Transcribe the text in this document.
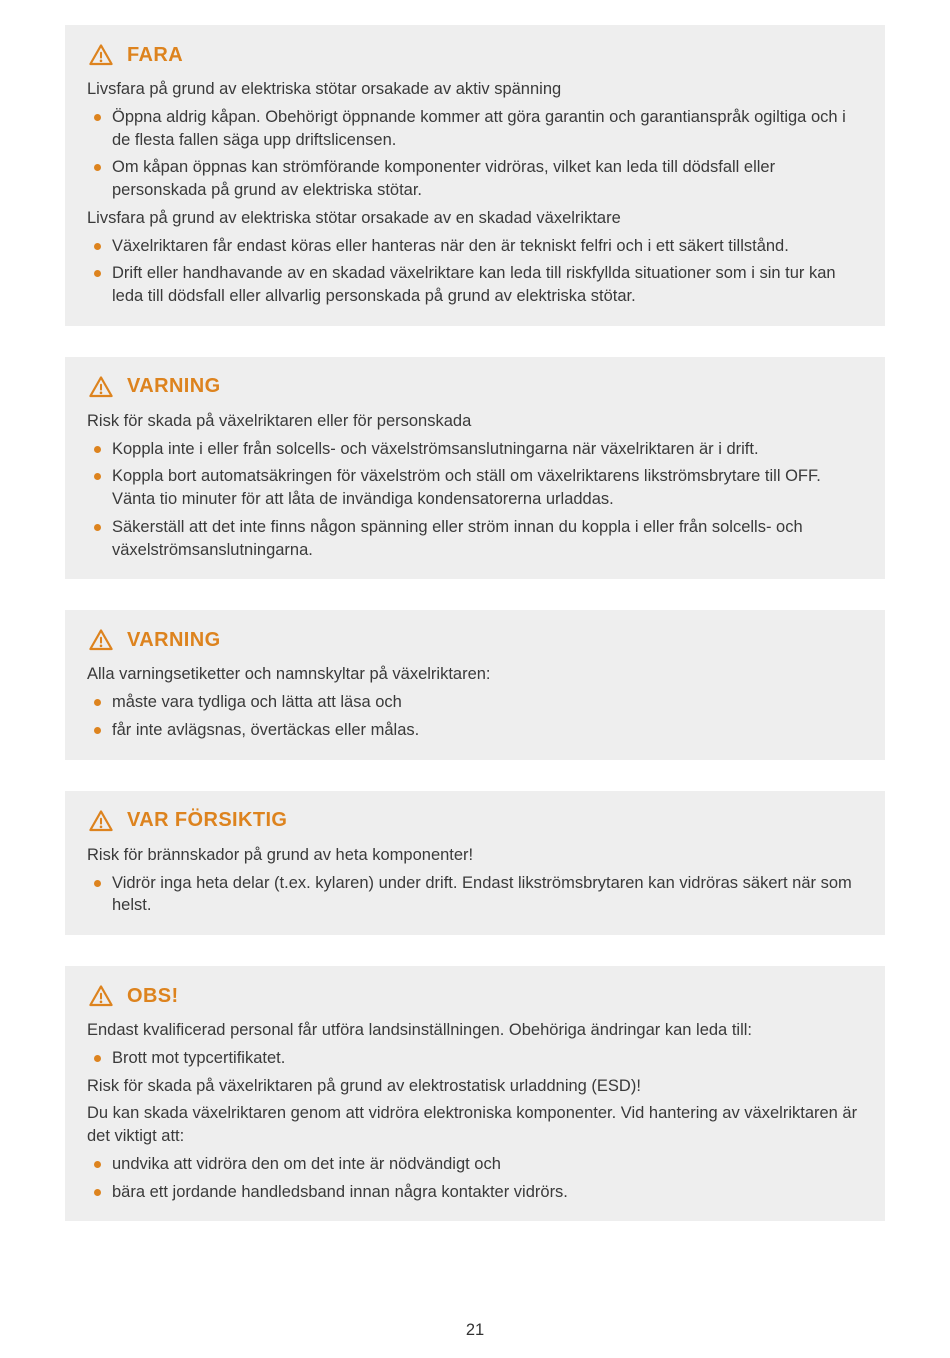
FARA

Livsfara på grund av elektriska stötar orsakade av aktiv spänning

Öppna aldrig kåpan. Obehörigt öppnande kommer att göra garantin och garantianspråk ogiltiga och i de flesta fallen säga upp driftslicensen.
Om kåpan öppnas kan strömförande komponenter vidröras, vilket kan leda till dödsfall eller personskada på grund av elektriska stötar.

Livsfara på grund av elektriska stötar orsakade av en skadad växelriktare

Växelriktaren får endast köras eller hanteras när den är tekniskt felfri och i ett säkert tillstånd.
Drift eller handhavande av en skadad växelriktare kan leda till riskfyllda situationer som i sin tur kan leda till dödsfall eller allvarlig personskada på grund av elektriska stötar.
VARNING

Risk för skada på växelriktaren eller för personskada

Koppla inte i eller från solcells- och växelströmsanslutningarna när växelriktaren är i drift.
Koppla bort automatsäkringen för växelström och ställ om växelriktarens likströmsbrytare till OFF. Vänta tio minuter för att låta de invändiga kondensatorerna urladdas.
Säkerställ att det inte finns någon spänning eller ström innan du koppla i eller från solcells- och växelströmsanslutningarna.
VARNING

Alla varningsetiketter och namnskyltar på växelriktaren:

måste vara tydliga och lätta att läsa och
får inte avlägsnas, övertäckas eller målas.
VAR FÖRSIKTIG

Risk för brännskador på grund av heta komponenter!

Vidrör inga heta delar (t.ex. kylaren) under drift. Endast likströmsbrytaren kan vidröras säkert när som helst.
OBS!

Endast kvalificerad personal får utföra landsinställningen. Obehöriga ändringar kan leda till:

Brott mot typcertifikatet.

Risk för skada på växelriktaren på grund av elektrostatisk urladdning (ESD)!

Du kan skada växelriktaren genom att vidröra elektroniska komponenter. Vid hantering av växelriktaren är det viktigt att:

undvika att vidröra den om det inte är nödvändigt och
bära ett jordande handledsband innan några kontakter vidrörs.
21
